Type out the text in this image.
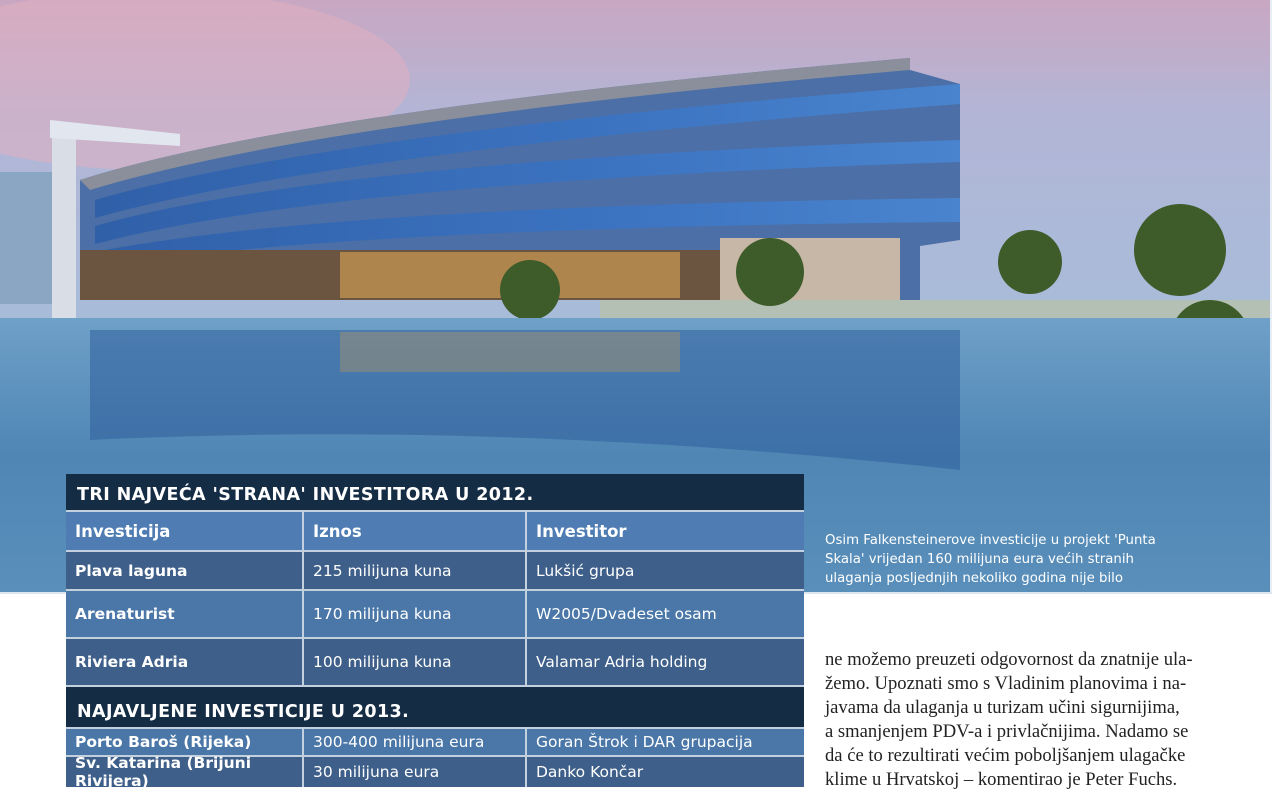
Osim Falkensteinerove investicije u projekt 'Punta Skala' vrijedan 160 milijuna eura većih stranih ulaganja posljednjih nekoliko godina nije bilo
TRI NAJVEĆA 'STRANA' INVESTITORA U 2012.
Investicija	Iznos	Investitor
Plava laguna	215 milijuna kuna	Lukšić grupa
Arenaturist	170 milijuna kuna	W2005/Dvadeset osam
Riviera Adria	100 milijuna kuna	Valamar Adria holding
NAJAVLJENE INVESTICIJE U 2013.
Porto Baroš (Rijeka)	300-400 milijuna eura	Goran Štrok i DAR grupacija
Sv. Katarina (Brijuni Rivijera)	30 milijuna eura	Danko Končar

ne možemo preuzeti odgovornost da znatnije ula-

žemo. Upoznati smo s Vladinim planovima i na-

javama da ulaganja u turizam učini sigurnijima,

a smanjenjem PDV-a i privlačnijima. Nadamo se

da će to rezultirati većim poboljšanjem ulagačke

klime u Hrvatskoj – komentirao je Peter Fuchs.
